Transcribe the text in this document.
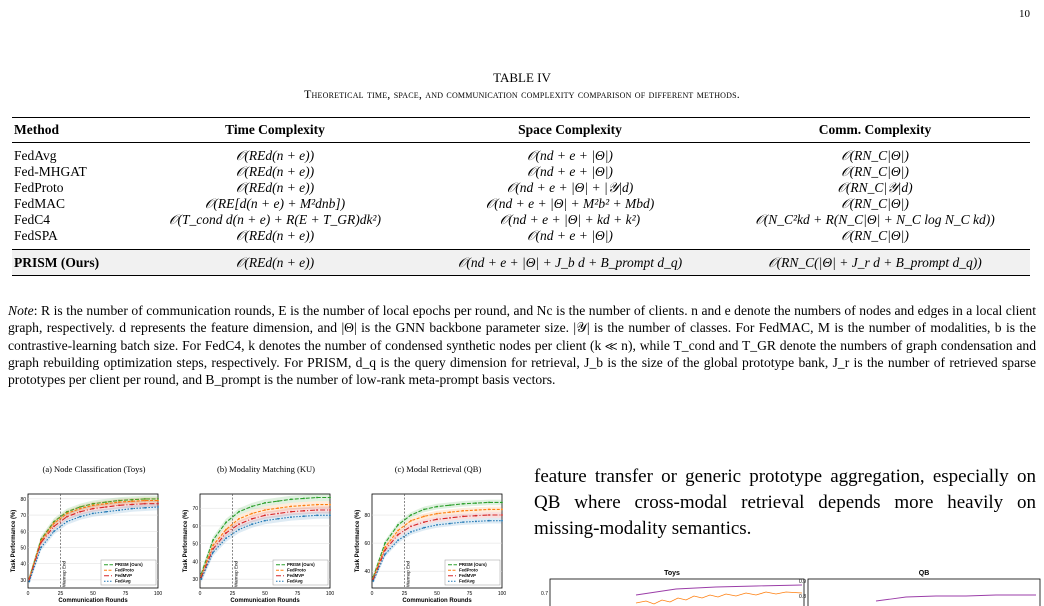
10
TABLE IV
Theoretical time, space, and communication complexity comparison of different methods.
Method	Time Complexity	Space Complexity	Comm. Complexity
FedAvg	𝒪(REd(n + e))	𝒪(nd + e + |Θ|)	𝒪(RN_C|Θ|)
Fed-MHGAT	𝒪(REd(n + e))	𝒪(nd + e + |Θ|)	𝒪(RN_C|Θ|)
FedProto	𝒪(REd(n + e))	𝒪(nd + e + |Θ| + |𝒴|d)	𝒪(RN_C|𝒴|d)
FedMAC	𝒪(RE[d(n + e) + M²dnb])	𝒪(nd + e + |Θ| + M²b² + Mbd)	𝒪(RN_C|Θ|)
FedC4	𝒪(T_cond d(n + e) + R(E + T_GR)dk²)	𝒪(nd + e + |Θ| + kd + k²)	𝒪(N_C²kd + R(N_C|Θ| + N_C log N_C kd))
FedSPA	𝒪(REd(n + e))	𝒪(nd + e + |Θ|)	𝒪(RN_C|Θ|)
PRISM (Ours)	𝒪(REd(n + e))	𝒪(nd + e + |Θ| + J_b d + B_prompt d_q)	𝒪(RN_C(|Θ| + J_r d + B_prompt d_q))
Note: R is the number of communication rounds, E is the number of local epochs per round, and Nc is the number of clients. n and e denote the numbers of nodes and edges in a local client graph, respectively. d represents the feature dimension, and |Θ| is the GNN backbone parameter size. |𝒴| is the number of classes. For FedMAC, M is the number of modalities, b is the contrastive-learning batch size. For FedC4, k denotes the number of condensed synthetic nodes per client (k ≪ n), while T_cond and T_GR denote the numbers of graph condensation and graph rebuilding optimization steps, respectively. For PRISM, d_q is the query dimension for retrieval, J_b is the size of the global prototype bank, J_r is the number of retrieved sparse prototypes per client per round, and B_prompt is the number of low-rank meta-prompt basis vectors.
(a) Node Classification (Toys)
30
40
50
60
70
80
0	25	50	75	100
Communication Rounds
Task Performance (%)
Warmup End	PRISM (Ours)
FedProto
FedMVP
FedAvg
(b) Modality Matching (KU)
30
40
50
60
70
0	25	50	75	100
Communication Rounds
Task Performance (%)
Warmup End	PRISM (Ours)
FedProto
FedMVP
FedAvg
(c) Modal Retrieval (QB)
40
60
80
0	25	50	75	100
Communication Rounds
Task Performance (%)
Warmup End	PRISM (Ours)
FedProto
FedMVP
FedAvg
feature transfer or generic prototype aggregation, especially on QB where cross-modal retrieval depends more heavily on missing-modality semantics.
Toys	QB
0.7
0.9
0.8
